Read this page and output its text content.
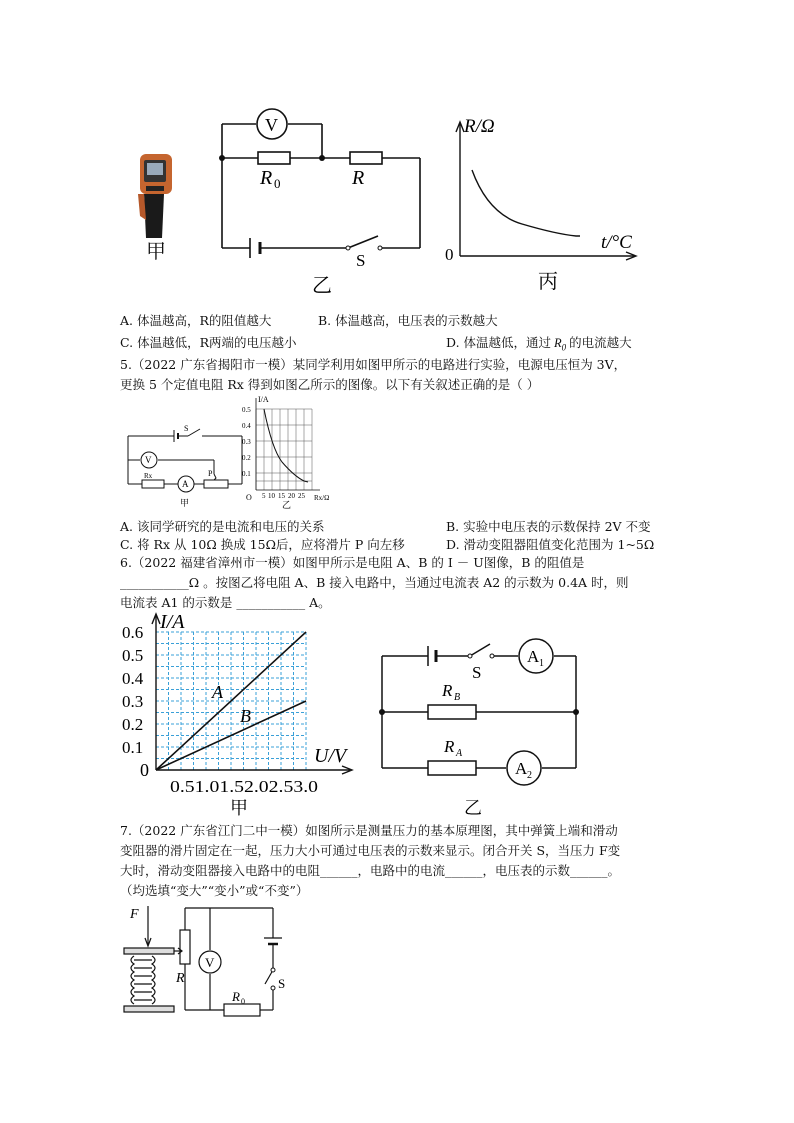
甲
V
R 0	R
S
乙
R/Ω
t/°C
0
丙
A. 体温越高，R的阻值越大	B. 体温越高，电压表的示数越大
C. 体温越低，R两端的电压越小	D. 体温越低，通过 $R_0$ 的电流越大
5.（2022 广东省揭阳市一模）某同学利用如图甲所示的电路进行实验，电源电压恒为 3V，
更换 5 个定值电阻 Rx 得到如图乙所示的图像。以下有关叙述正确的是（ ）
S
V
A
P
Rx
甲
I/A
Rx/Ω
O
0.5
0.4
0.3
0.2
0.1
5 10 15 20 25
乙
A. 该同学研究的是电流和电压的关系	B. 实验中电压表的示数保持 2V 不变
C. 将 Rx 从 10Ω 换成 15Ω后，应将滑片 P 向左移	D. 滑动变阻器阻值变化范围为 1~5Ω
6.（2022 福建省漳州市一模）如图甲所示是电阻 A、B 的 I － U图像，B 的阻值是
___________Ω 。按图乙将电阻 A、B 接入电路中，当通过电流表 A2 的示数为 0.4A 时，则
电流表 A1 的示数是 ___________ A。
0.6
0.5
0.4
0.3
0.2
0.1
I/A
U/V
0
0.51.01.52.02.53.0
A
B
甲
S
A 1
A 2
R B
R A
乙
7.（2022 广东省江门二中一模）如图所示是测量压力的基本原理图，其中弹簧上端和滑动
变阻器的滑片固定在一起，压力大小可通过电压表的示数来显示。闭合开关 S，当压力 F变
大时，滑动变阻器接入电路中的电阻______，电路中的电流______，电压表的示数______。
（均选填“变大”“变小”或“不变”）
F
R
V
S
R 0
